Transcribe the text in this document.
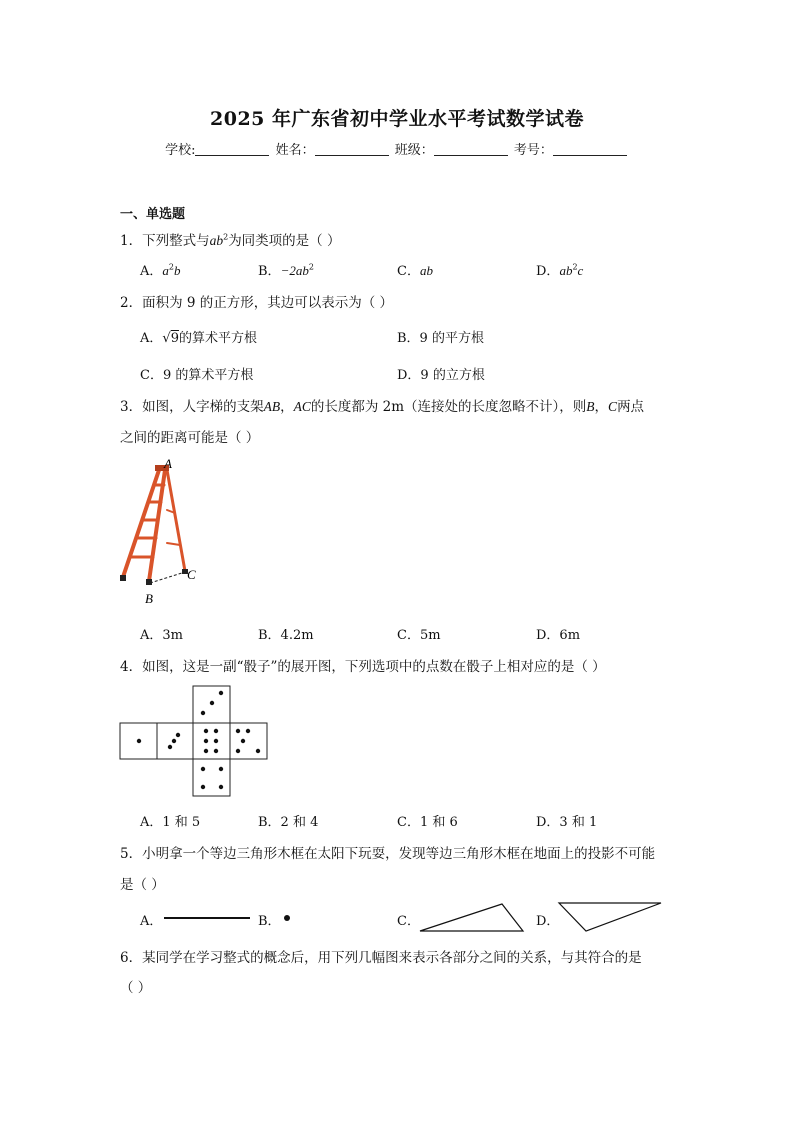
2025 年广东省初中学业水平考试数学试卷
学校:	姓名：	班级：	考号：
一、单选题
1．下列整式与$ab^2$为同类项的是（ ）
A．$a^2b$	B．$-2ab^2$	C．ab	D．$ab^2c$
2．面积为 9 的正方形，其边可以表示为（ ）
A．√9的算术平方根	B．9 的平方根
C．9 的算术平方根	D．9 的立方根
3．如图，人字梯的支架AB，AC的长度都为 2m（连接处的长度忽略不计），则B，C两点
之间的距离可能是（ ）
A
B
C
A．3m	B．4.2m	C．5m	D．6m
4．如图，这是一副“骰子”的展开图，下列选项中的点数在骰子上相对应的是（ ）
A．1 和 5	B．2 和 4	C．1 和 6	D．3 和 1
5．小明拿一个等边三角形木框在太阳下玩耍，发现等边三角形木框在地面上的投影不可能
是（ ）
A．	B．	C．	D．
6．某同学在学习整式的概念后，用下列几幅图来表示各部分之间的关系，与其符合的是
（ ）
